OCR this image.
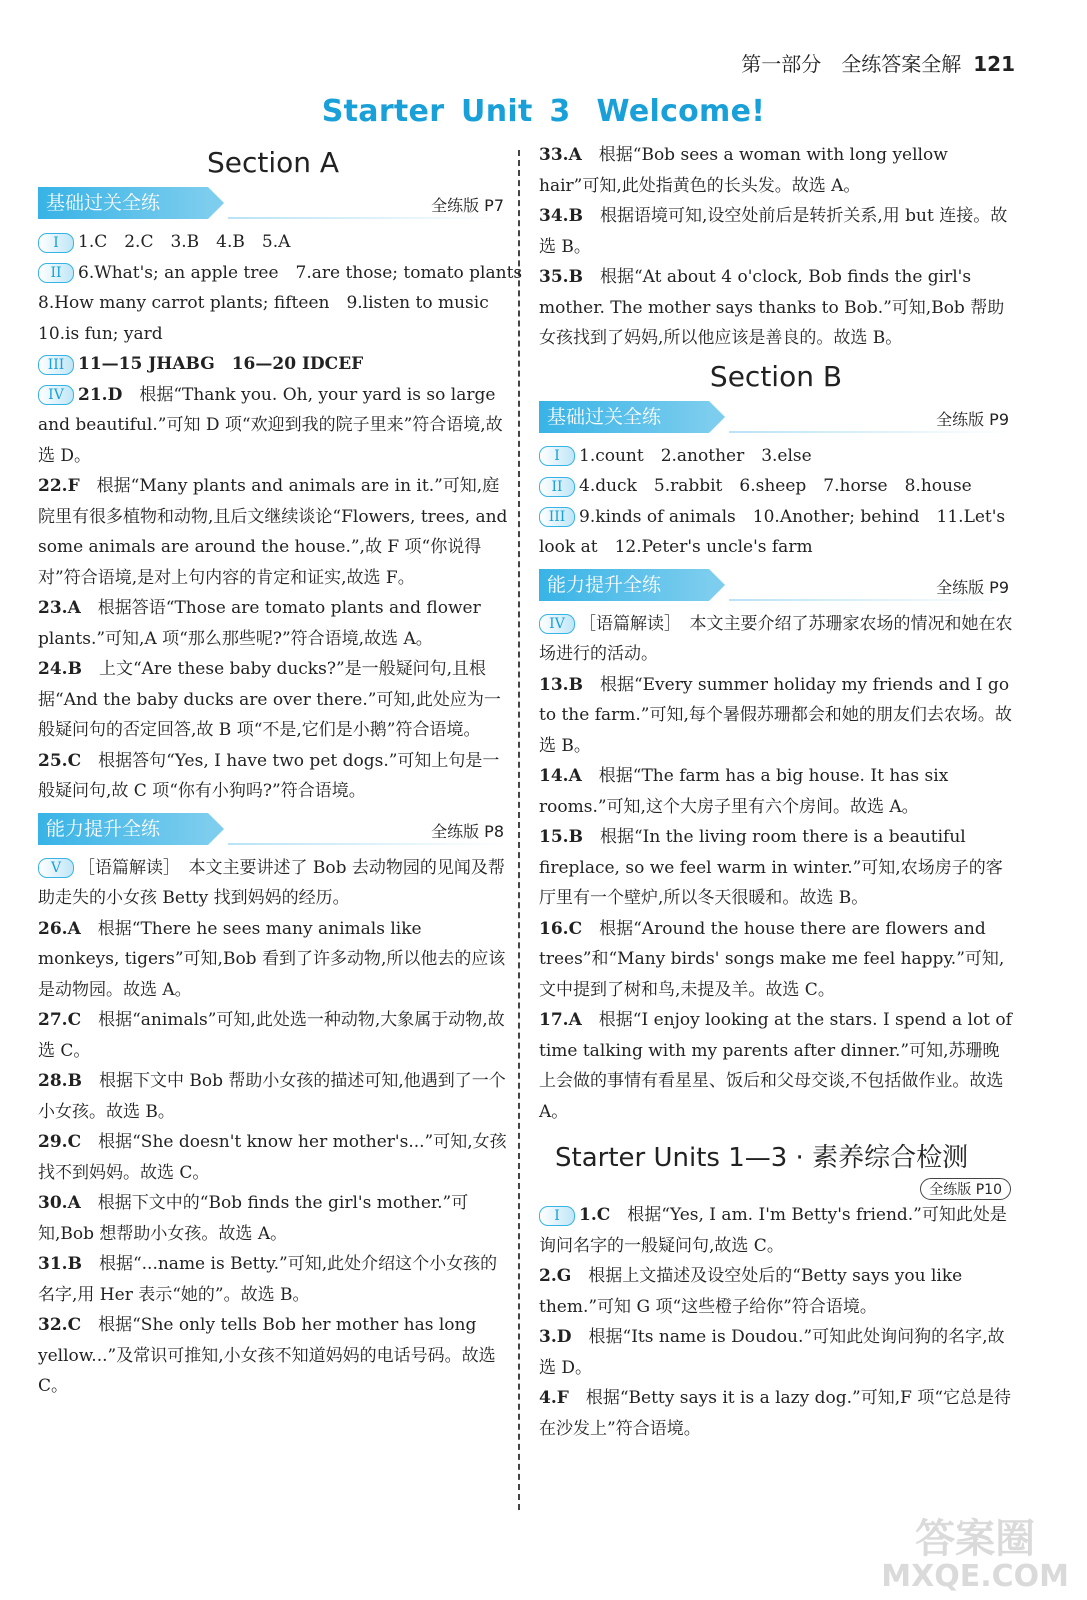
第一部分　全练答案全解 121
Starter Unit 3 Welcome!
Section A
基础过关全练	全练版 P7
I 1.C　2.C　3.B　4.B　5.A
II 6.What's; an apple tree　7.are those; tomato plants
8.How many carrot plants; fifteen　9.listen to music
10.is fun; yard
III 11—15 JHABG　16—20 IDCEF
IV 21.D　 根据“Thank you. Oh, your yard is so large and beautiful.”可知 D 项“欢迎到我的院子里来”符合语境,故选 D。
22.F　 根据“Many plants and animals are in it.”可知,庭院里有很多植物和动物,且后文继续谈论“Flowers, trees, and some animals are around the house.”,故 F 项“你说得对”符合语境,是对上句内容的肯定和证实,故选 F。
23.A　 根据答语“Those are tomato plants and flower plants.”可知,A 项“那么那些呢?”符合语境,故选 A。
24.B　 上文“Are these baby ducks?”是一般疑问句,且根据“And the baby ducks are over there.”可知,此处应为一般疑问句的否定回答,故 B 项“不是,它们是小鹅”符合语境。
25.C　 根据答句“Yes, I have two pet dogs.”可知上句是一般疑问句,故 C 项“你有小狗吗?”符合语境。
能力提升全练	全练版 P8
V ［语篇解读］　本文主要讲述了 Bob 去动物园的见闻及帮助走失的小女孩 Betty 找到妈妈的经历。
26.A　 根据“There he sees many animals like monkeys, tigers”可知,Bob 看到了许多动物,所以他去的应该是动物园。故选 A。
27.C　 根据“animals”可知,此处选一种动物,大象属于动物,故选 C。
28.B　 根据下文中 Bob 帮助小女孩的描述可知,他遇到了一个小女孩。故选 B。
29.C　 根据“She doesn't know her mother's...”可知,女孩找不到妈妈。故选 C。
30.A　 根据下文中的“Bob finds the girl's mother.”可知,Bob 想帮助小女孩。故选 A。
31.B　 根据“...name is Betty.”可知,此处介绍这个小女孩的名字,用 Her 表示“她的”。故选 B。
32.C　 根据“She only tells Bob her mother has long yellow...”及常识可推知,小女孩不知道妈妈的电话号码。故选 C。
33.A　 根据“Bob sees a woman with long yellow hair”可知,此处指黄色的长头发。故选 A。
34.B　 根据语境可知,设空处前后是转折关系,用 but 连接。故选 B。
35.B　 根据“At about 4 o'clock, Bob finds the girl's mother. The mother says thanks to Bob.”可知,Bob 帮助女孩找到了妈妈,所以他应该是善良的。故选 B。
Section B
基础过关全练	全练版 P9
I 1.count　2.another　3.else
II 4.duck　5.rabbit　6.sheep　7.horse　8.house
III 9.kinds of animals　10.Another; behind　11.Let's
look at　12.Peter's uncle's farm
能力提升全练	全练版 P9
IV ［语篇解读］　本文主要介绍了苏珊家农场的情况和她在农场进行的活动。
13.B　 根据“Every summer holiday my friends and I go to the farm.”可知,每个暑假苏珊都会和她的朋友们去农场。故选 B。
14.A　 根据“The farm has a big house. It has six rooms.”可知,这个大房子里有六个房间。故选 A。
15.B　 根据“In the living room there is a beautiful fireplace, so we feel warm in winter.”可知,农场房子的客厅里有一个壁炉,所以冬天很暖和。故选 B。
16.C　 根据“Around the house there are flowers and trees”和“Many birds' songs make me feel happy.”可知,文中提到了树和鸟,未提及羊。故选 C。
17.A　 根据“I enjoy looking at the stars. I spend a lot of time talking with my parents after dinner.”可知,苏珊晚上会做的事情有看星星、饭后和父母交谈,不包括做作业。故选 A。
Starter Units 1—3 · 素养综合检测
全练版 P10
I 1.C　 根据“Yes, I am. I'm Betty's friend.”可知此处是询问名字的一般疑问句,故选 C。
2.G　 根据上文描述及设空处后的“Betty says you like them.”可知 G 项“这些橙子给你”符合语境。
3.D　 根据“Its name is Doudou.”可知此处询问狗的名字,故选 D。
4.F　 根据“Betty says it is a lazy dog.”可知,F 项“它总是待在沙发上”符合语境。
答案圈
MXQE.COM
